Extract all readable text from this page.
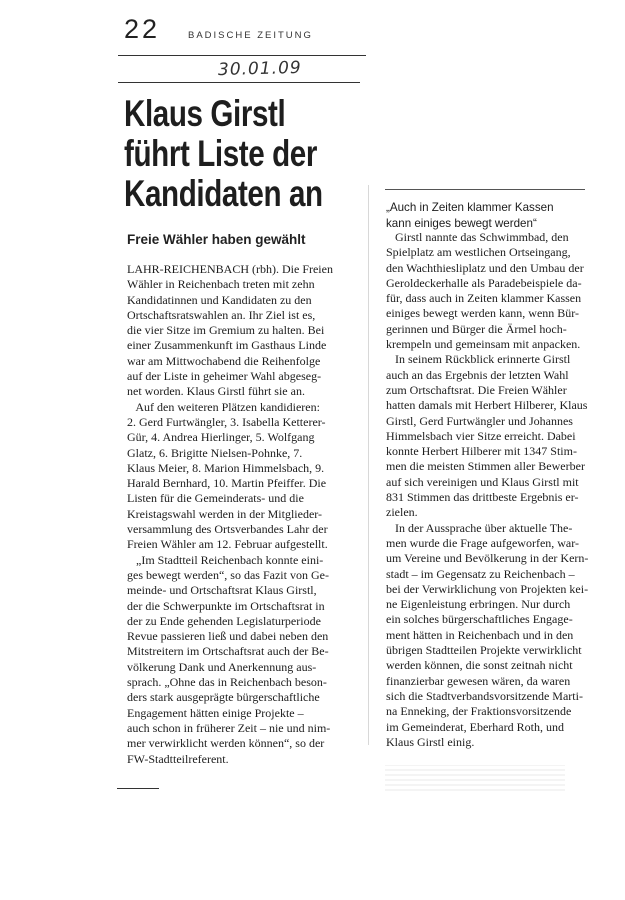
22	BADISCHE ZEITUNG
30.01.09
Klaus Girstl
führt Liste der
Kandidaten an
Freie Wähler haben gewählt
LAHR-REICHENBACH (rbh). Die Freien
Wähler in Reichenbach treten mit zehn
Kandidatinnen und Kandidaten zu den
Ortschaftsratswahlen an. Ihr Ziel ist es,
die vier Sitze im Gremium zu halten. Bei
einer Zusammenkunft im Gasthaus Linde
war am Mittwochabend die Reihenfolge
auf der Liste in geheimer Wahl abgeseg-
net worden. Klaus Girstl führt sie an.
Auf den weiteren Plätzen kandidieren:
2. Gerd Furtwängler, 3. Isabella Ketterer-
Gür, 4. Andrea Hierlinger, 5. Wolfgang
Glatz, 6. Brigitte Nielsen-Pohnke, 7.
Klaus Meier, 8. Marion Himmelsbach, 9.
Harald Bernhard, 10. Martin Pfeiffer. Die
Listen für die Gemeinderats- und die
Kreistagswahl werden in der Mitglieder-
versammlung des Ortsverbandes Lahr der
Freien Wähler am 12. Februar aufgestellt.
„Im Stadtteil Reichenbach konnte eini-
ges bewegt werden“, so das Fazit von Ge-
meinde- und Ortschaftsrat Klaus Girstl,
der die Schwerpunkte im Ortschaftsrat in
der zu Ende gehenden Legislaturperiode
Revue passieren ließ und dabei neben den
Mitstreitern im Ortschaftsrat auch der Be-
völkerung Dank und Anerkennung aus-
sprach. „Ohne das in Reichenbach beson-
ders stark ausgeprägte bürgerschaftliche
Engagement hätten einige Projekte –
auch schon in früherer Zeit – nie und nim-
mer verwirklicht werden können“, so der
FW-Stadtteilreferent.
„Auch in Zeiten klammer Kassen
kann einiges bewegt werden“
Girstl nannte das Schwimmbad, den
Spielplatz am westlichen Ortseingang,
den Wachthiesliplatz und den Umbau der
Geroldeckerhalle als Paradebeispiele da-
für, dass auch in Zeiten klammer Kassen
einiges bewegt werden kann, wenn Bür-
gerinnen und Bürger die Ärmel hoch-
krempeln und gemeinsam mit anpacken.
In seinem Rückblick erinnerte Girstl
auch an das Ergebnis der letzten Wahl
zum Ortschaftsrat. Die Freien Wähler
hatten damals mit Herbert Hilberer, Klaus
Girstl, Gerd Furtwängler und Johannes
Himmelsbach vier Sitze erreicht. Dabei
konnte Herbert Hilberer mit 1347 Stim-
men die meisten Stimmen aller Bewerber
auf sich vereinigen und Klaus Girstl mit
831 Stimmen das drittbeste Ergebnis er-
zielen.
In der Aussprache über aktuelle The-
men wurde die Frage aufgeworfen, war-
um Vereine und Bevölkerung in der Kern-
stadt – im Gegensatz zu Reichenbach –
bei der Verwirklichung von Projekten kei-
ne Eigenleistung erbringen. Nur durch
ein solches bürgerschaftliches Engage-
ment hätten in Reichenbach und in den
übrigen Stadtteilen Projekte verwirklicht
werden können, die sonst zeitnah nicht
finanzierbar gewesen wären, da waren
sich die Stadtverbandsvorsitzende Marti-
na Enneking, der Fraktionsvorsitzende
im Gemeinderat, Eberhard Roth, und
Klaus Girstl einig.
